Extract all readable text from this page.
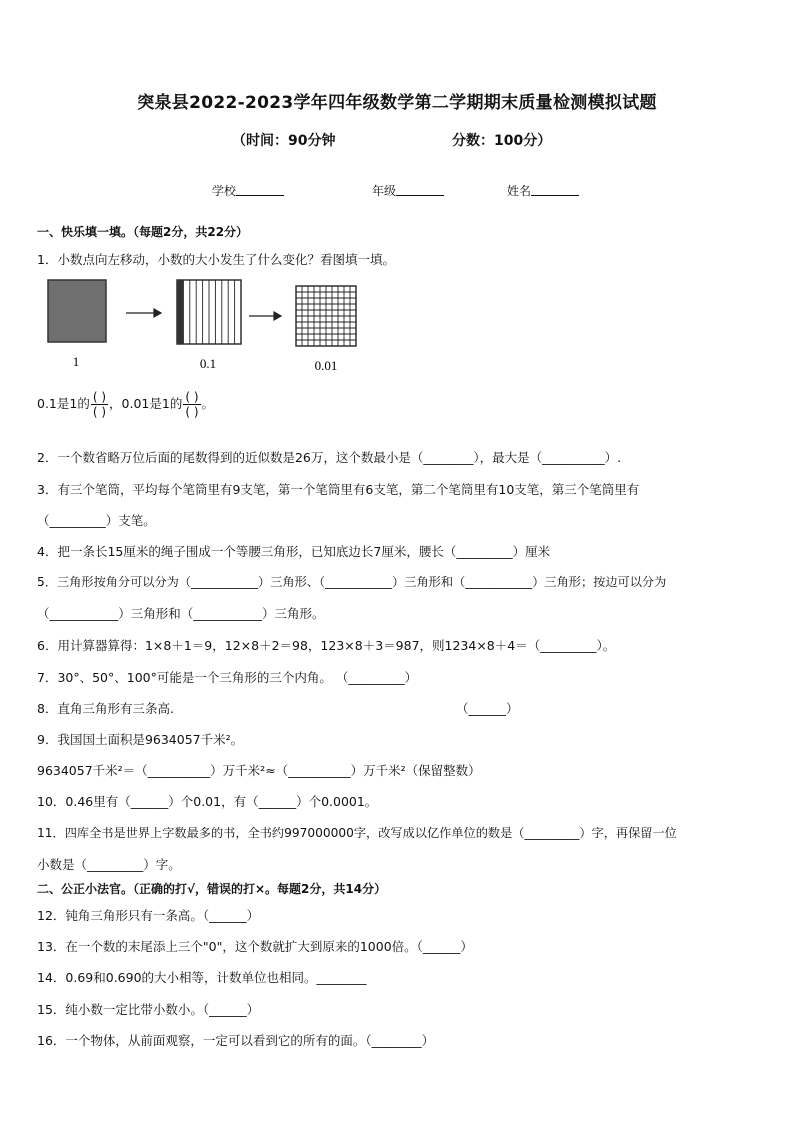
突泉县2022-2023学年四年级数学第二学期期末质量检测模拟试题
（时间：90分钟	分数：100分）
学校	年级	姓名
一、快乐填一填。（每题2分，共22分）
1．小数点向左移动，小数的大小发生了什么变化？看图填一填。
1	0.1	0.01
0.1是1的 $\frac{( )}{( )}$ ，0.01是1的 $\frac{( )}{( )}$ 。
2．一个数省略万位后面的尾数得到的近似数是26万，这个数最小是（________），最大是（__________）.
3．有三个笔筒，平均每个笔筒里有9支笔，第一个笔筒里有6支笔，第二个笔筒里有10支笔，第三个笔筒里有
（_________）支笔。
4．把一条长15厘米的绳子围成一个等腰三角形，已知底边长7厘米，腰长（_________）厘米
5．三角形按角分可以分为（___________）三角形、（___________）三角形和（___________）三角形；按边可以分为
（___________）三角形和（___________）三角形。
6．用计算器算得：1×8＋1＝9，12×8＋2＝98，123×8＋3＝987，则1234×8＋4＝（_________）。
7．30°、50°、100°可能是一个三角形的三个内角。 （_________）
8．直角三角形有三条高.	（______）
9．我国国土面积是9634057千米²。
9634057千米²＝（__________）万千米²≈（__________）万千米²（保留整数）
10．0.46里有（______）个0.01，有（______）个0.0001。
11．四库全书是世界上字数最多的书，全书约997000000字，改写成以亿作单位的数是（_________）字，再保留一位
小数是（_________）字。
二、公正小法官。（正确的打√，错误的打×。每题2分，共14分）
12．钝角三角形只有一条高。（______）
13．在一个数的末尾添上三个"0"，这个数就扩大到原来的1000倍。（______）
14．0.69和0.690的大小相等，计数单位也相同。________
15．纯小数一定比带小数小。（______）
16．一个物体，从前面观察，一定可以看到它的所有的面。（________）
